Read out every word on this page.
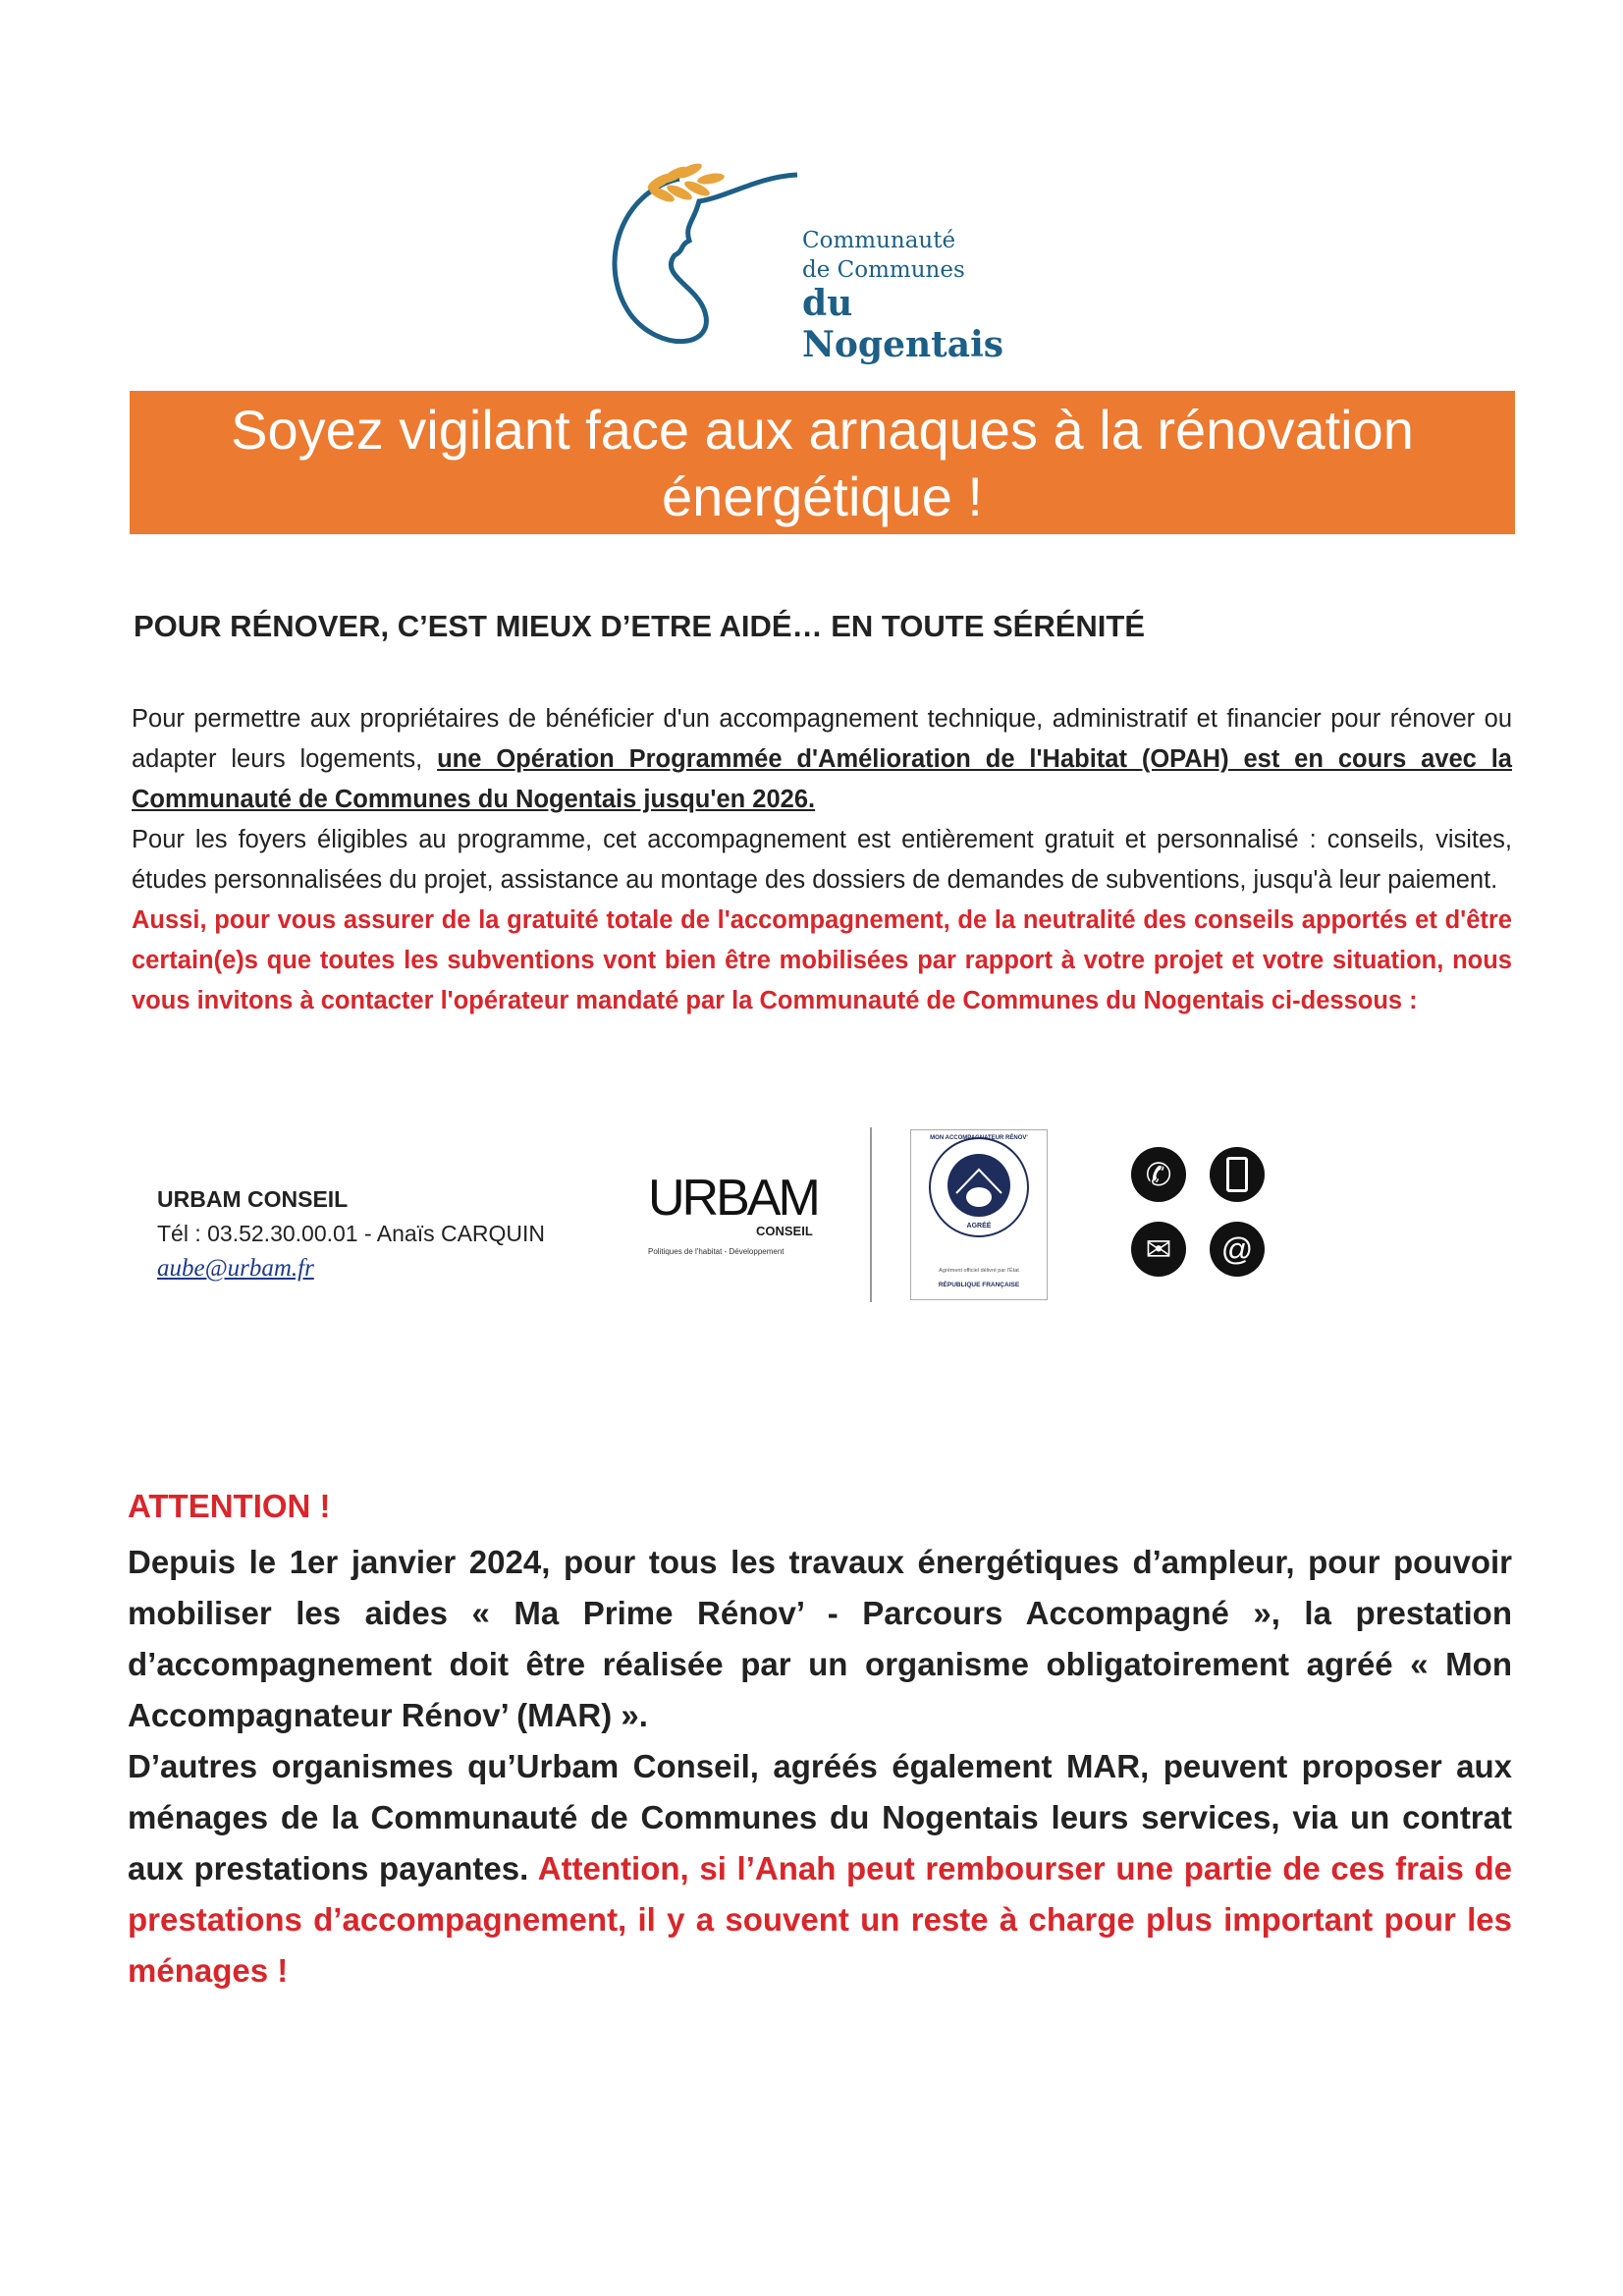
Communauté
de Communes
du Nogentais
Soyez vigilant face aux arnaques à la rénovation énergétique !
POUR RÉNOVER, C’EST MIEUX D’ETRE AIDÉ… EN TOUTE SÉRÉNITÉ

Pour permettre aux propriétaires de bénéficier d'un accompagnement technique, administratif et financier pour rénover ou adapter leurs logements, une Opération Programmée d'Amélioration de l'Habitat (OPAH) est en cours avec la Communauté de Communes du Nogentais jusqu'en 2026.

Pour les foyers éligibles au programme, cet accompagnement est entièrement gratuit et personnalisé : conseils, visites, études personnalisées du projet, assistance au montage des dossiers de demandes de subventions, jusqu'à leur paiement.

Aussi, pour vous assurer de la gratuité totale de l'accompagnement, de la neutralité des conseils apportés et d'être certain(e)s que toutes les subventions vont bien être mobilisées par rapport à votre projet et votre situation, nous vous invitons à contacter l'opérateur mandaté par la Communauté de Communes du Nogentais ci-dessous :

URBAM CONSEIL
Tél : 03.52.30.00.01 - Anaïs CARQUIN
aube@urbam.fr
URBAM
CONSEIL
Politiques de l'habitat - Développement
MON ACCOMPAGNATEUR RÉNOV'
AGRÉÉ
Agrément officiel délivré par l'État
RÉPUBLIQUE FRANÇAISE
✆
✉	@
ATTENTION !

Depuis le 1er janvier 2024, pour tous les travaux énergétiques d’ampleur, pour pouvoir mobiliser les aides « Ma Prime Rénov’ - Parcours Accompagné », la prestation d’accompagnement doit être réalisée par un organisme obligatoirement agréé « Mon Accompagnateur Rénov’ (MAR) ».

D’autres organismes qu’Urbam Conseil, agréés également MAR, peuvent proposer aux ménages de la Communauté de Communes du Nogentais leurs services, via un contrat aux prestations payantes. Attention, si l’Anah peut rembourser une partie de ces frais de prestations d’accompagnement, il y a souvent un reste à charge plus important pour les ménages !
